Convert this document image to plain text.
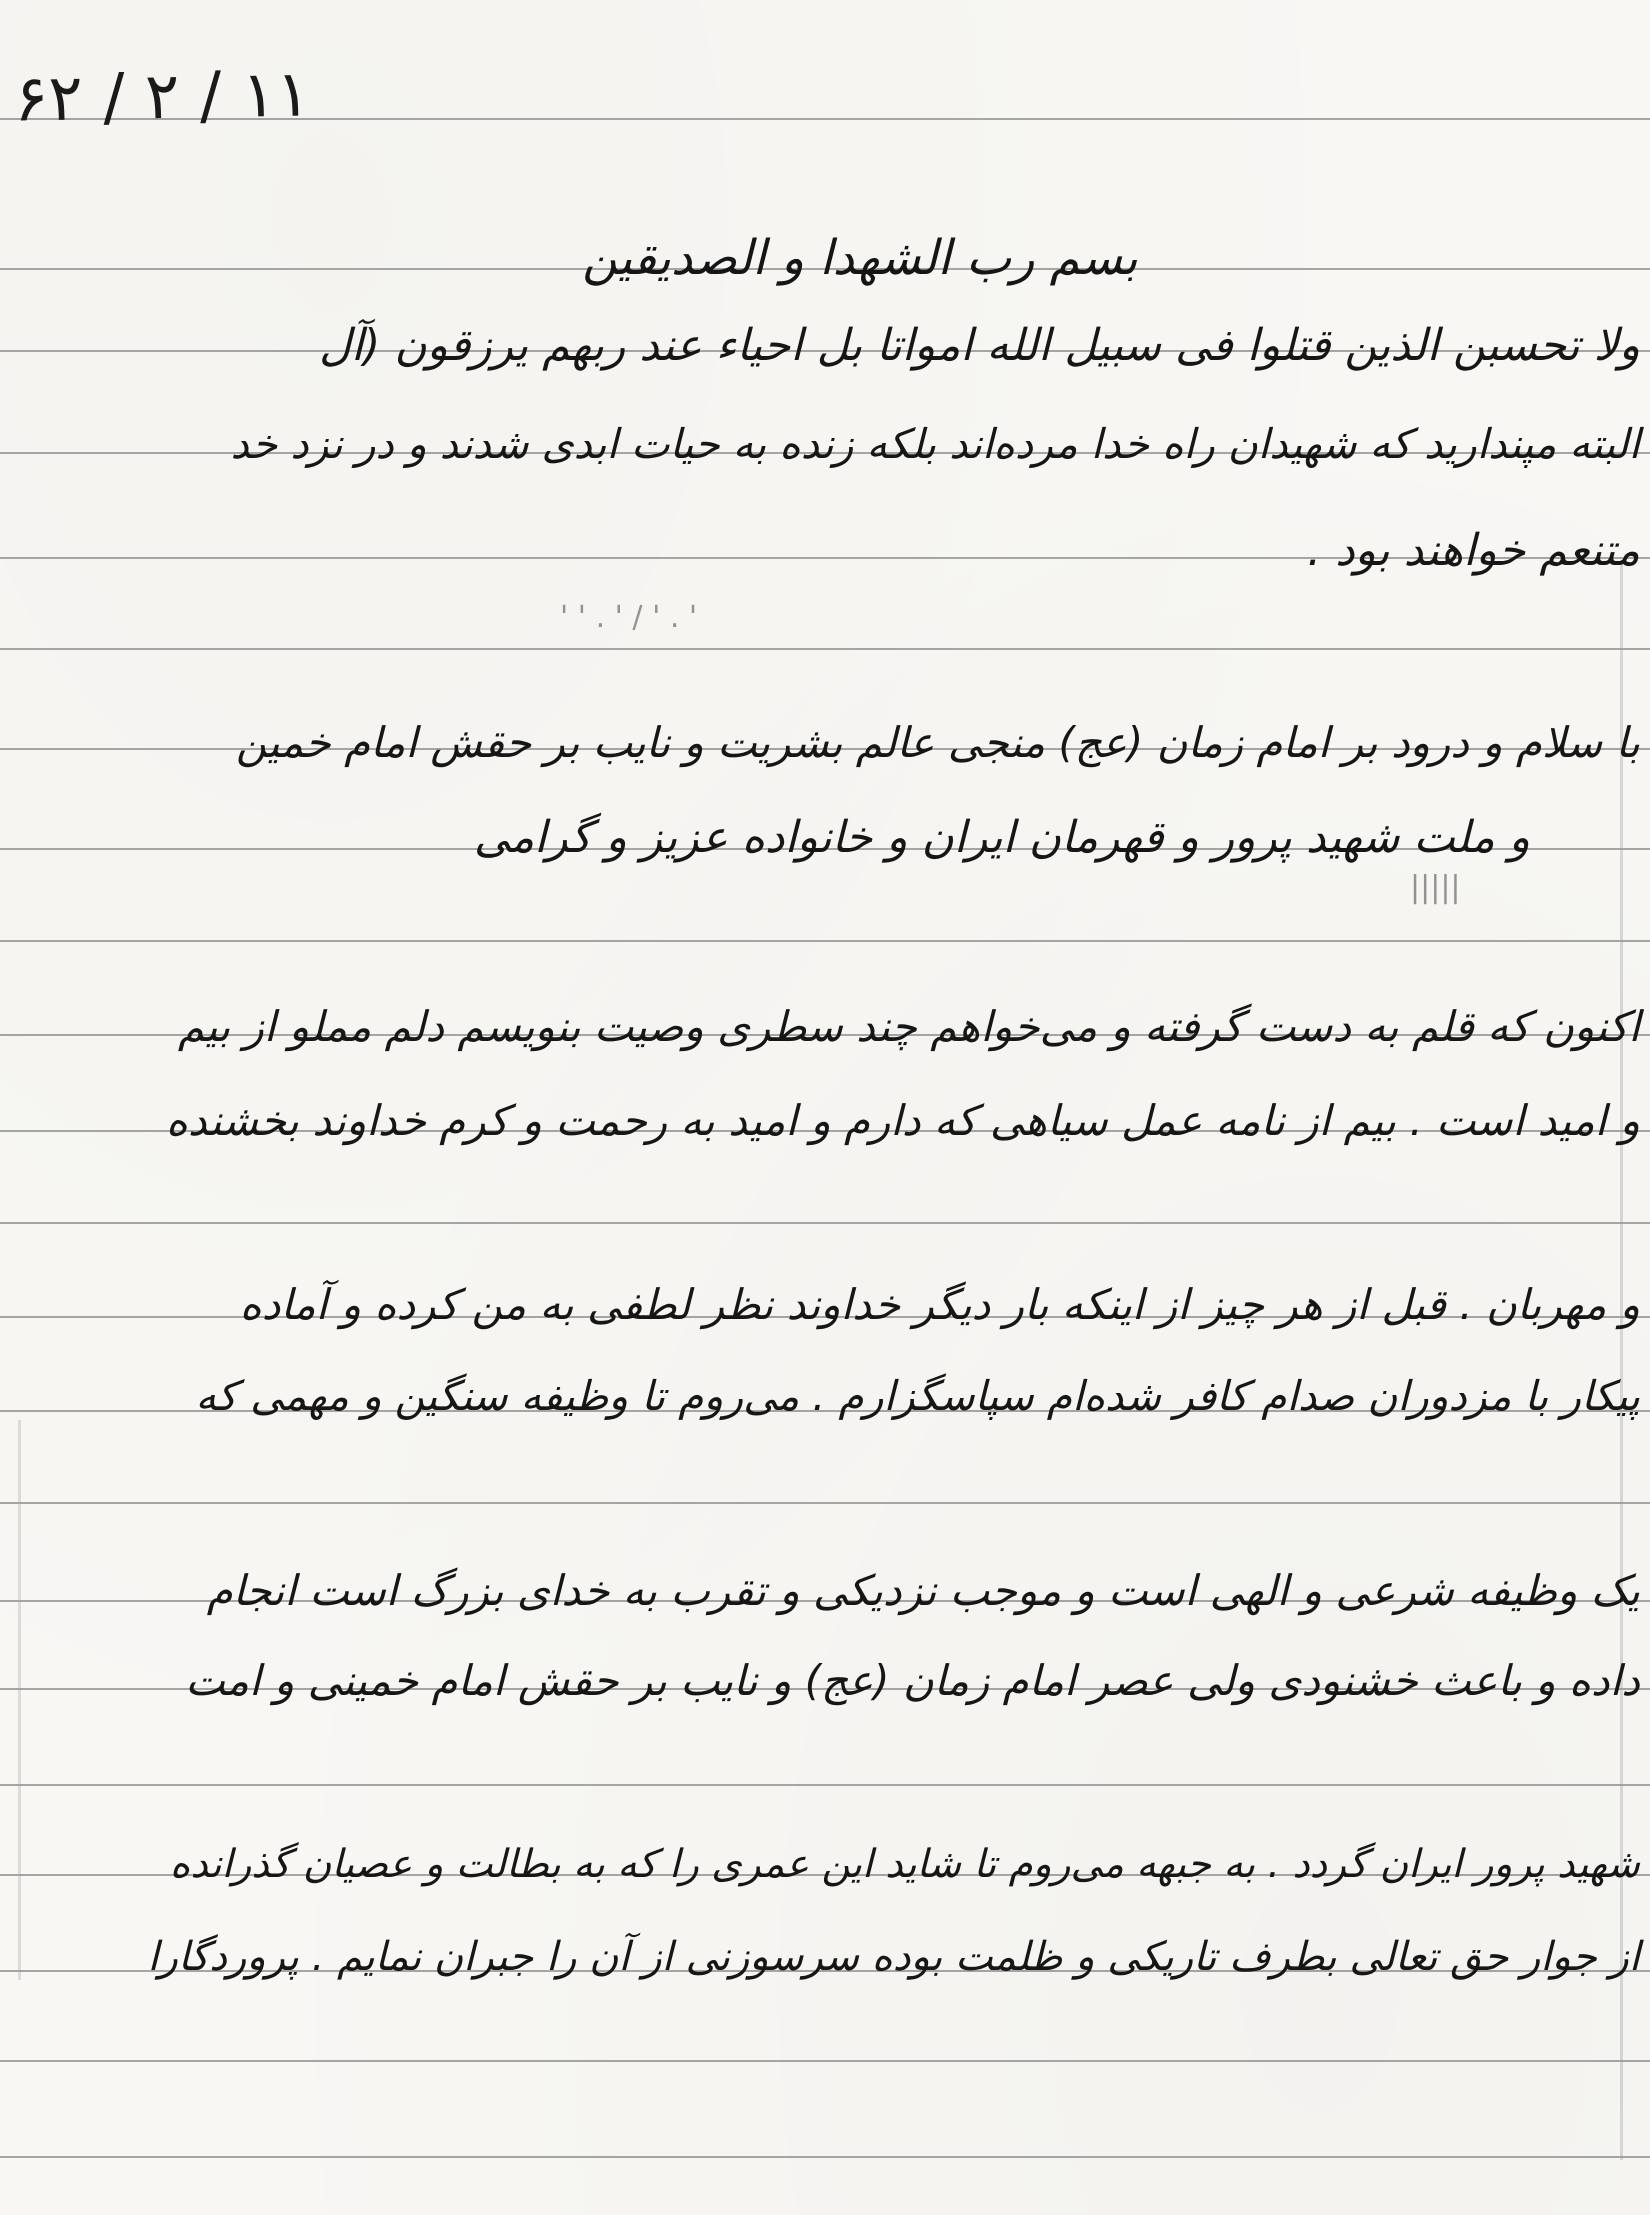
' ' . ' / ' . '
|||||
۱۱ / ۲ / ۶۲
بسم رب الشهدا و الصدیقین
ولا تحسبن الذین قتلوا فی سبیل الله امواتا بل احیاء عند ربهم یرزقون (آل
البته مپندارید که شهیدان راه خدا مرده‌اند بلکه زنده به حیات ابدی شدند و در نزد خد
متنعم خواهند بود .
با سلام و درود بر امام زمان (عج) منجی عالم بشریت و نایب بر حقش امام خمین
و ملت شهید پرور و قهرمان ایران و خانواده عزیز و گرامی
اکنون که قلم به دست گرفته و می‌خواهم چند سطری وصیت بنویسم دلم مملو از بیم
و امید است . بیم از نامه عمل سیاهی که دارم و امید به رحمت و کرم خداوند بخشنده
و مهربان . قبل از هر چیز از اینکه بار دیگر خداوند نظر لطفی به من کرده و آماده
پیکار با مزدوران صدام کافر شده‌ام سپاسگزارم . می‌روم تا وظیفه سنگین و مهمی که
یک وظیفه شرعی و الهی است و موجب نزدیکی و تقرب به خدای بزرگ است انجام
داده و باعث خشنودی ولی عصر امام زمان (عج) و نایب بر حقش امام خمینی و امت
شهید پرور ایران گردد . به جبهه می‌روم تا شاید این عمری را که به بطالت و عصیان گذرانده
از جوار حق تعالی بطرف تاریکی و ظلمت بوده سرسوزنی از آن را جبران نمایم . پروردگارا
